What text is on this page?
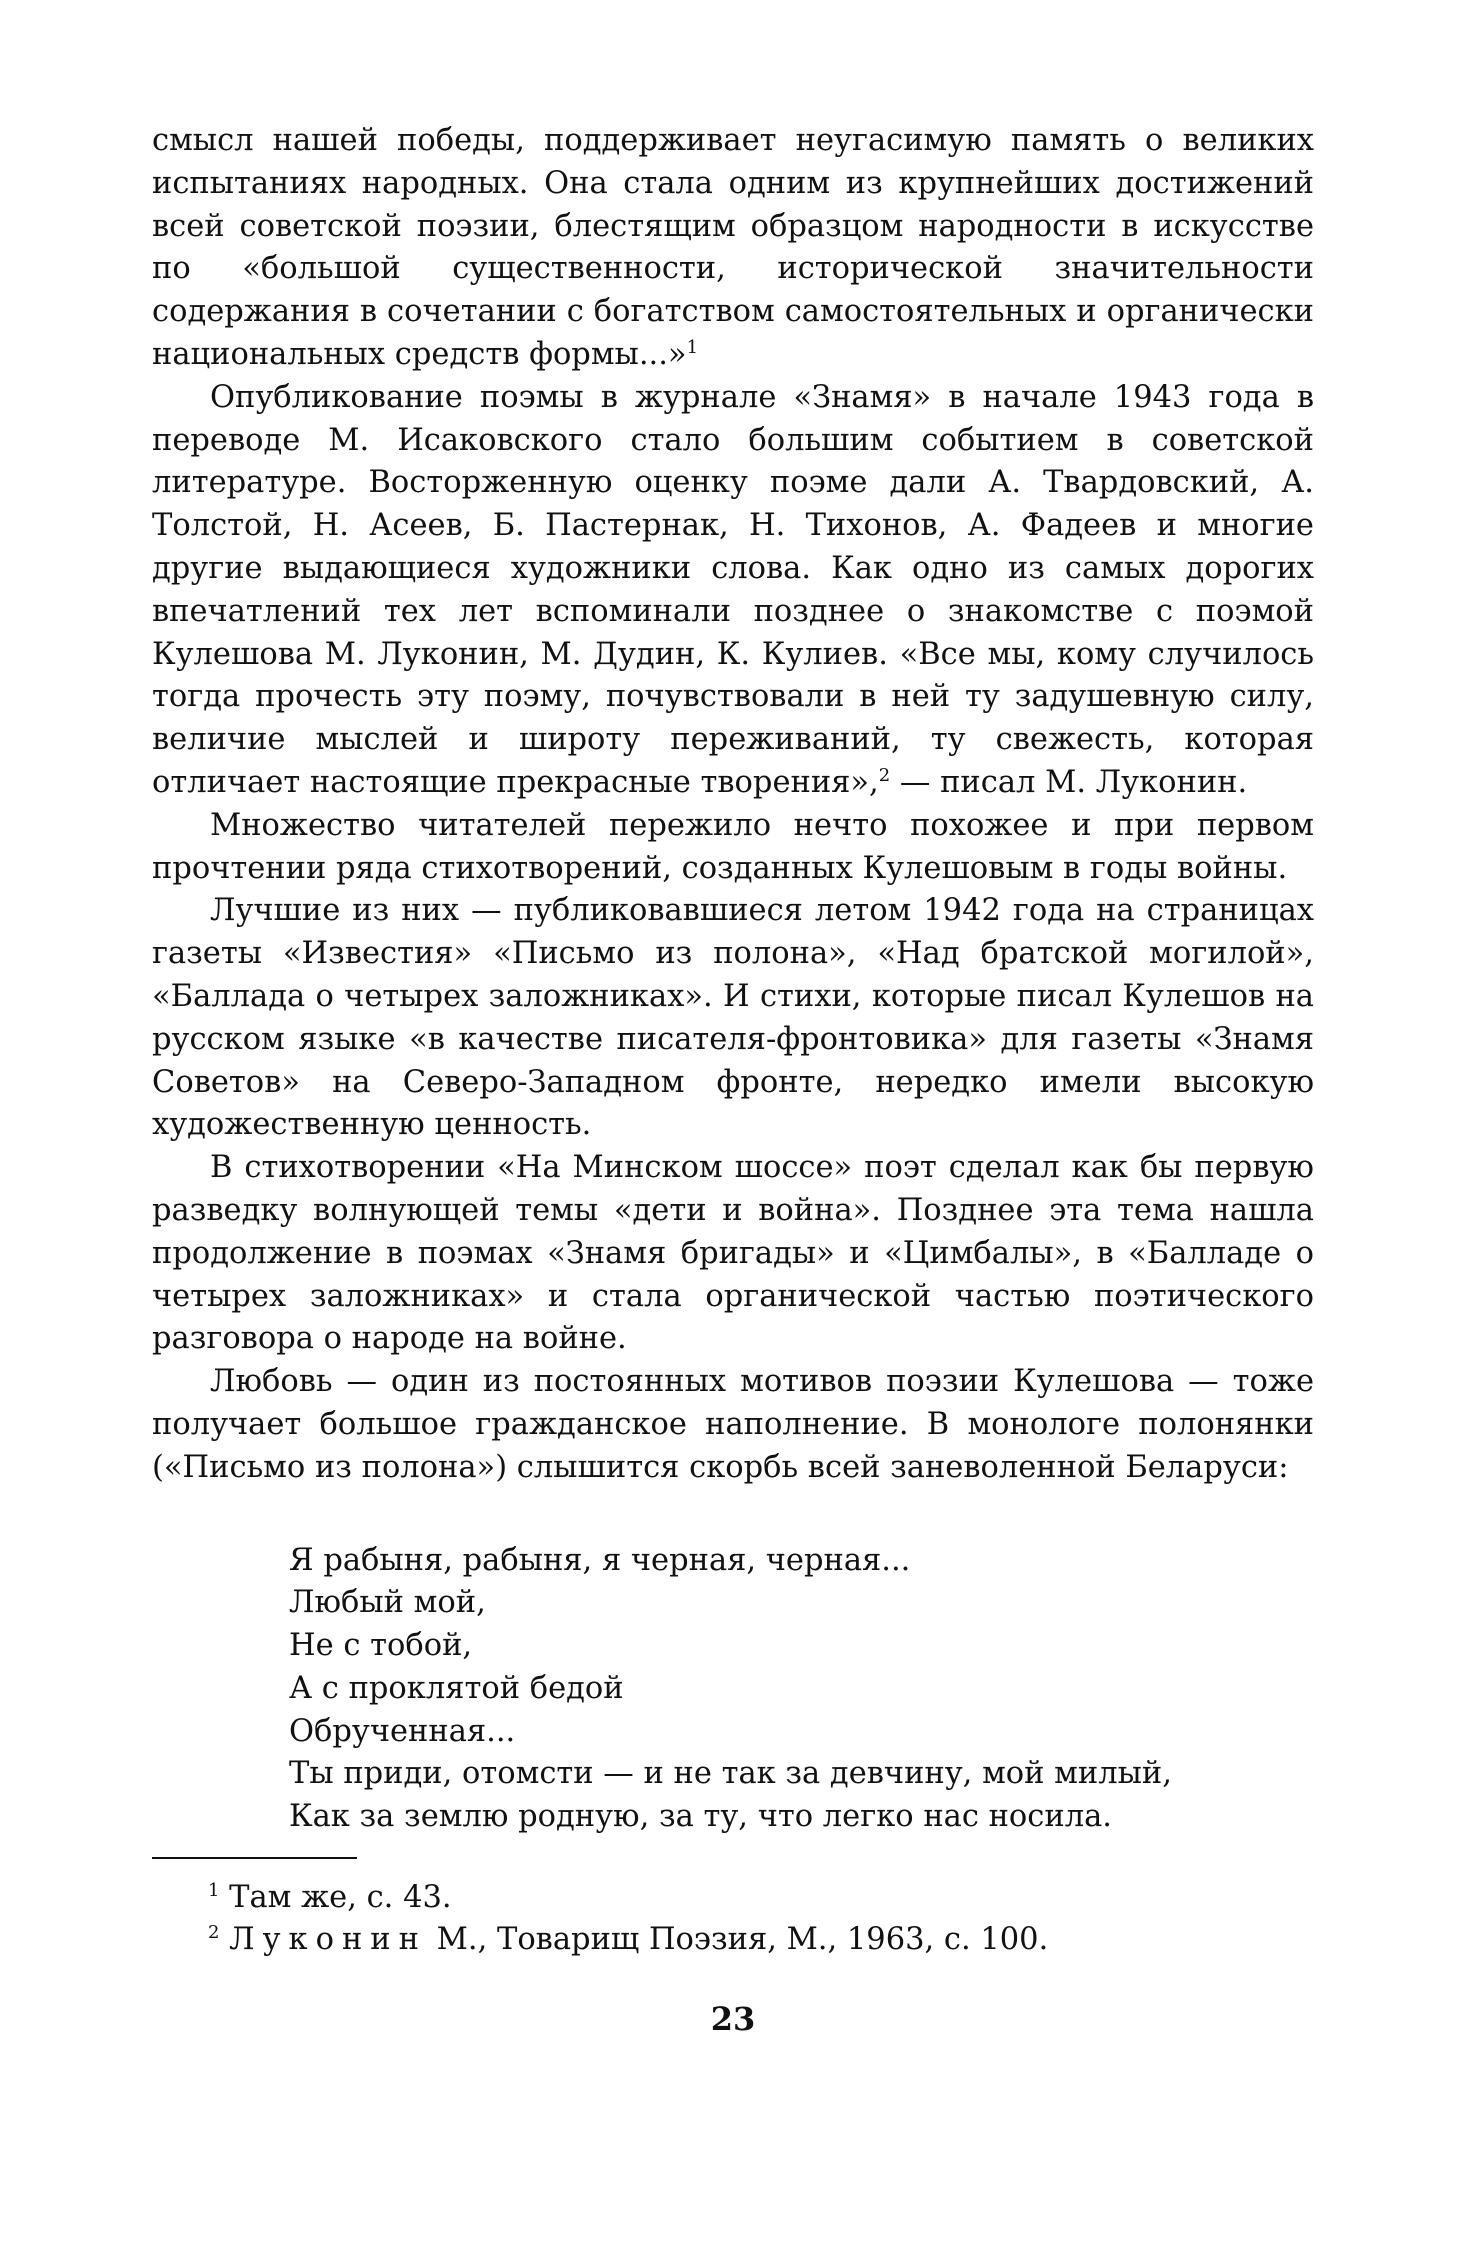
смысл нашей победы, поддерживает неугасимую память о великих испытаниях народных. Она стала одним из крупнейших достижений всей советской поэзии, блестящим образцом народности в искусстве по «большой существенности, исторической значительности содержания в сочетании с богатством самостоятельных и органически национальных средств формы...»$^1$

Опубликование поэмы в журнале «Знамя» в начале 1943 года в переводе М. Исаковского стало большим событием в советской литературе. Восторженную оценку поэме дали А. Твардовский, А. Толстой, Н. Асеев, Б. Пастернак, Н. Тихонов, А. Фадеев и многие другие выдающиеся художники слова. Как одно из самых дорогих впечатлений тех лет вспоминали позднее о знакомстве с поэмой Кулешова М. Луконин, М. Дудин, К. Кулиев. «Все мы, кому случилось тогда прочесть эту поэму, почувствовали в ней ту задушевную силу, величие мыслей и широту переживаний, ту свежесть, которая отличает настоящие прекрасные творения»,$^2$ — писал М. Луконин.

Множество читателей пережило нечто похожее и при первом прочтении ряда стихотворений, созданных Кулешовым в годы войны.

Лучшие из них — публиковавшиеся летом 1942 года на страницах газеты «Известия» «Письмо из полона», «Над братской могилой», «Баллада о четырех заложниках». И стихи, которые писал Кулешов на русском языке «в качестве писателя-фронтовика» для газеты «Знамя Советов» на Северо-Западном фронте, нередко имели высокую художественную ценность.

В стихотворении «На Минском шоссе» поэт сделал как бы первую разведку волнующей темы «дети и война». Позднее эта тема нашла продолжение в поэмах «Знамя бригады» и «Цимбалы», в «Балладе о четырех заложниках» и стала органической частью поэтического разговора о народе на войне.

Любовь — один из постоянных мотивов поэзии Кулешова — тоже получает большое гражданское наполнение. В монологе полонянки («Письмо из полона») слышится скорбь всей заневоленной Беларуси:

Я рабыня, рабыня, я черная, черная...
Любый мой,
Не с тобой,
А с проклятой бедой
Обрученная...
Ты приди, отомсти — и не так за девчину, мой милый,
Как за землю родную, за ту, что легко нас носила.
$^1$ Там же, с. 43.
$^2$ Луконин М., Товарищ Поэзия, М., 1963, с. 100.
23
